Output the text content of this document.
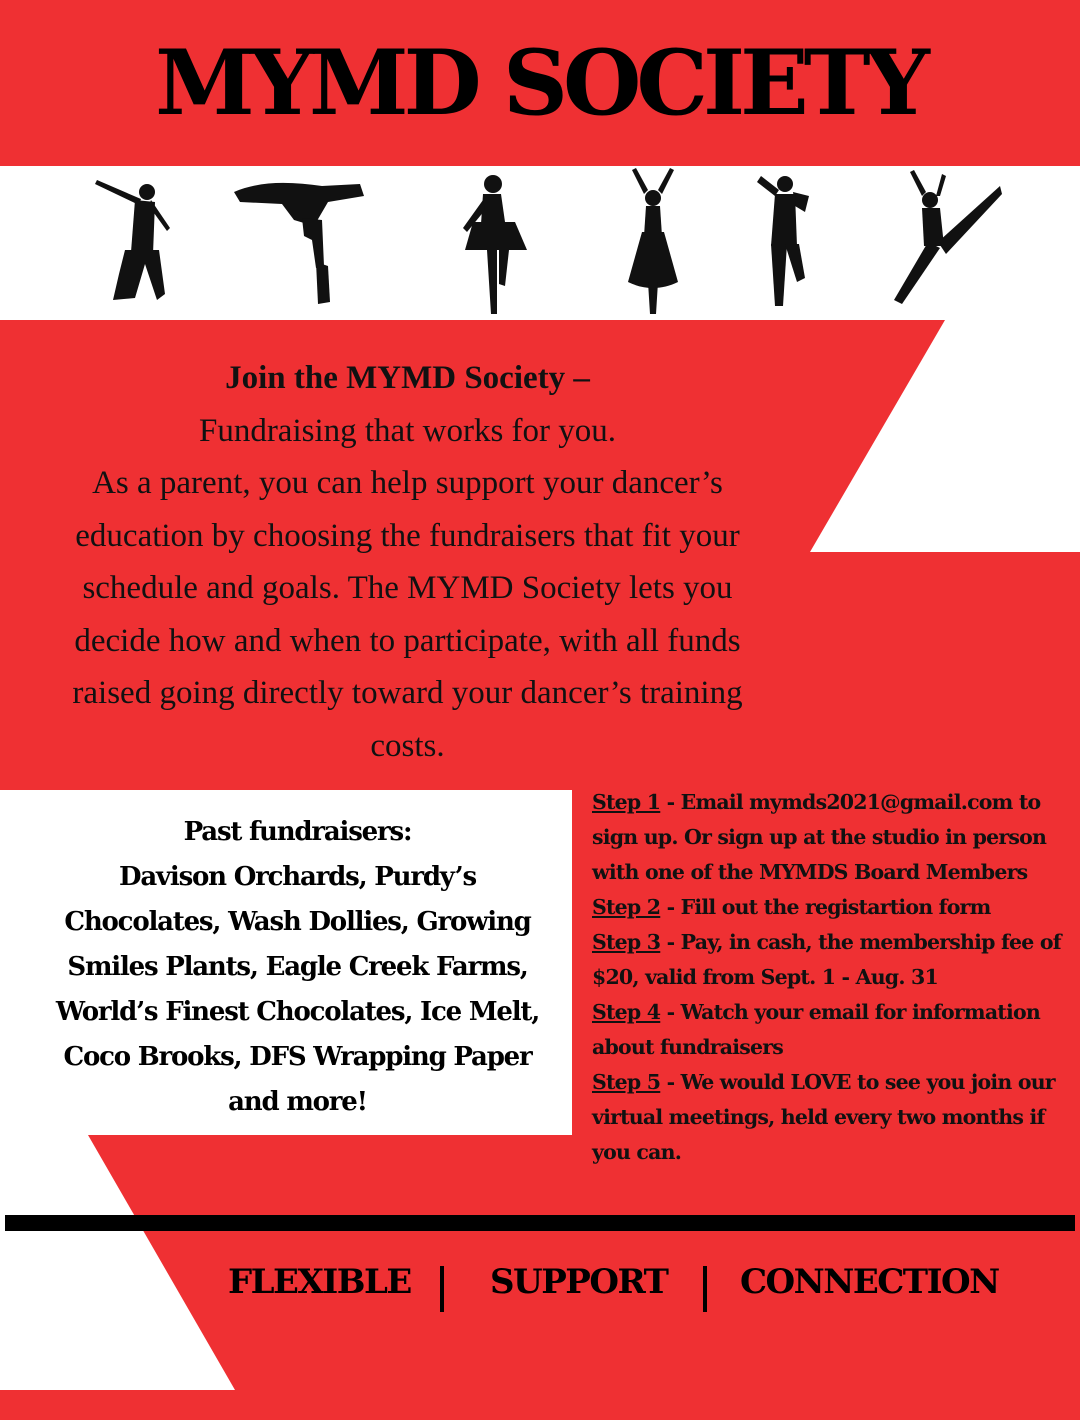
MYMD SOCIETY
Join the MYMD Society –
Fundraising that works for you.
As a parent, you can help support your dancer’s education by choosing the fundraisers that fit your schedule and goals. The MYMD Society lets you decide how and when to participate, with all funds raised going directly toward your dancer’s training costs.
Past fundraisers:
Davison Orchards, Purdy’s Chocolates, Wash Dollies, Growing Smiles Plants, Eagle Creek Farms, World’s Finest Chocolates, Ice Melt, Coco Brooks, DFS Wrapping Paper and more!
Step 1 - Email mymds2021@gmail.com to sign up. Or sign up at the studio in person with one of the MYMDS Board Members
Step 2 - Fill out the registartion form
Step 3 - Pay, in cash, the membership fee of $20, valid from Sept. 1 - Aug. 31
Step 4 - Watch your email for information about fundraisers
Step 5 - We would LOVE to see you join our virtual meetings, held every two months if you can.
FLEXIBLE SUPPORT CONNECTION
